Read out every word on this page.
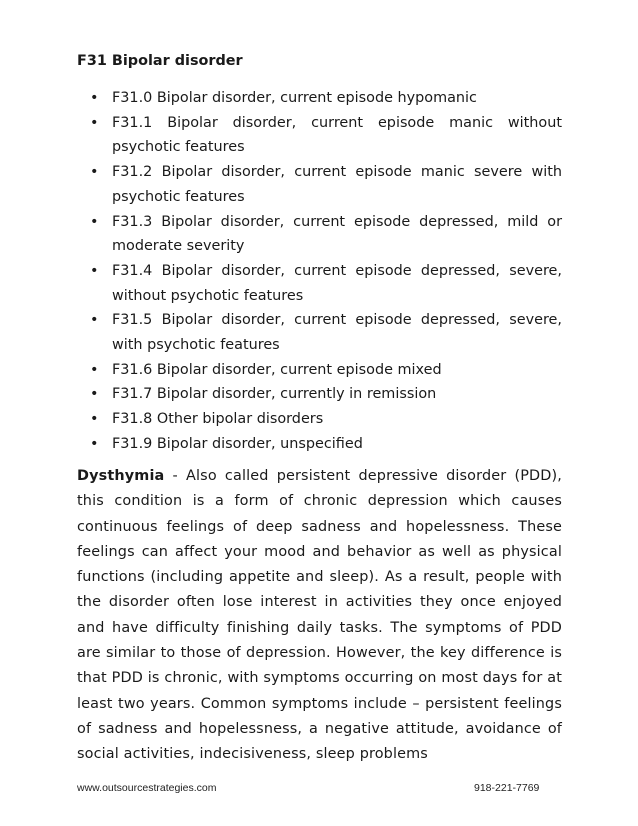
F31 Bipolar disorder
• F31.0 Bipolar disorder, current episode hypomanic
• F31.1 Bipolar disorder, current episode manic without psychotic features
• F31.2 Bipolar disorder, current episode manic severe with psychotic features
• F31.3 Bipolar disorder, current episode depressed, mild or moderate severity
• F31.4 Bipolar disorder, current episode depressed, severe, without psychotic features
• F31.5 Bipolar disorder, current episode depressed, severe, with psychotic features
• F31.6 Bipolar disorder, current episode mixed
• F31.7 Bipolar disorder, currently in remission
• F31.8 Other bipolar disorders
• F31.9 Bipolar disorder, unspecified

Dysthymia - Also called persistent depressive disorder (PDD), this condition is a form of chronic depression which causes continuous feelings of deep sadness and hopelessness. These feelings can affect your mood and behavior as well as physical functions (including appetite and sleep). As a result, people with the disorder often lose interest in activities they once enjoyed and have difficulty finishing daily tasks. The symptoms of PDD are similar to those of depression. However, the key difference is that PDD is chronic, with symptoms occurring on most days for at least two years. Common symptoms include – persistent feelings of sadness and hopelessness, a negative attitude, avoidance of social activities, indecisiveness, sleep problems

www.outsourcestrategies.com	918-221-7769
